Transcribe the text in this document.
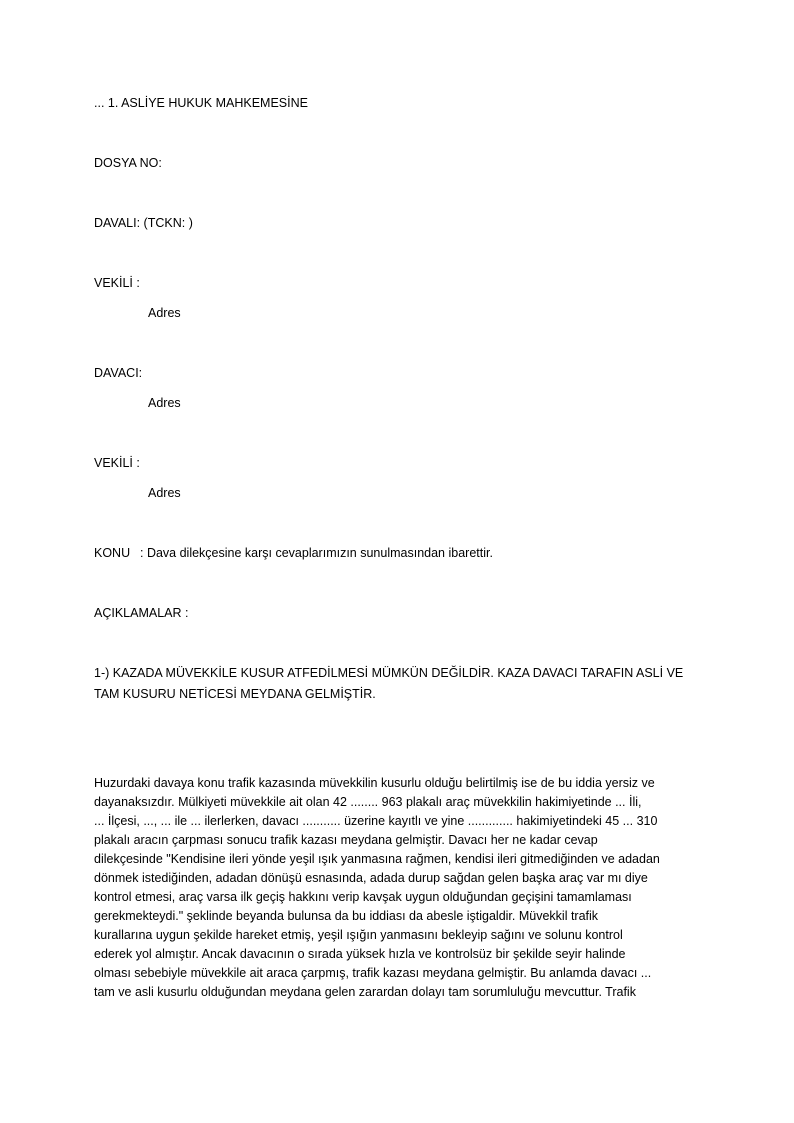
... 1. ASLİYE HUKUK MAHKEMESİNE
DOSYA NO:
DAVALI: (TCKN: )
VEKİLİ :
Adres
DAVACI:
Adres
VEKİLİ :
Adres
KONU : Dava dilekçesine karşı cevaplarımızın sunulmasından ibarettir.
AÇIKLAMALAR :
1-) KAZADA MÜVEKKİLE KUSUR ATFEDİLMESİ MÜMKÜN DEĞİLDİR. KAZA DAVACI TARAFIN ASLİ VE
TAM KUSURU NETİCESİ MEYDANA GELMİŞTİR.
Huzurdaki davaya konu trafik kazasında müvekkilin kusurlu olduğu belirtilmiş ise de bu iddia yersiz ve
dayanaksızdır. Mülkiyeti müvekkile ait olan 42 ........ 963 plakalı araç müvekkilin hakimiyetinde ... İli,
... İlçesi, ..., ... ile ... ilerlerken, davacı ........... üzerine kayıtlı ve yine ............. hakimiyetindeki 45 ... 310
plakalı aracın çarpması sonucu trafik kazası meydana gelmiştir. Davacı her ne kadar cevap
dilekçesinde "Kendisine ileri yönde yeşil ışık yanmasına rağmen, kendisi ileri gitmediğinden ve adadan
dönmek istediğinden, adadan dönüşü esnasında, adada durup sağdan gelen başka araç var mı diye
kontrol etmesi, araç varsa ilk geçiş hakkını verip kavşak uygun olduğundan geçişini tamamlaması
gerekmekteydi." şeklinde beyanda bulunsa da bu iddiası da abesle iştigaldir. Müvekkil trafik
kurallarına uygun şekilde hareket etmiş, yeşil ışığın yanmasını bekleyip sağını ve solunu kontrol
ederek yol almıştır. Ancak davacının o sırada yüksek hızla ve kontrolsüz bir şekilde seyir halinde
olması sebebiyle müvekkile ait araca çarpmış, trafik kazası meydana gelmiştir. Bu anlamda davacı ...
tam ve asli kusurlu olduğundan meydana gelen zarardan dolayı tam sorumluluğu mevcuttur. Trafik
